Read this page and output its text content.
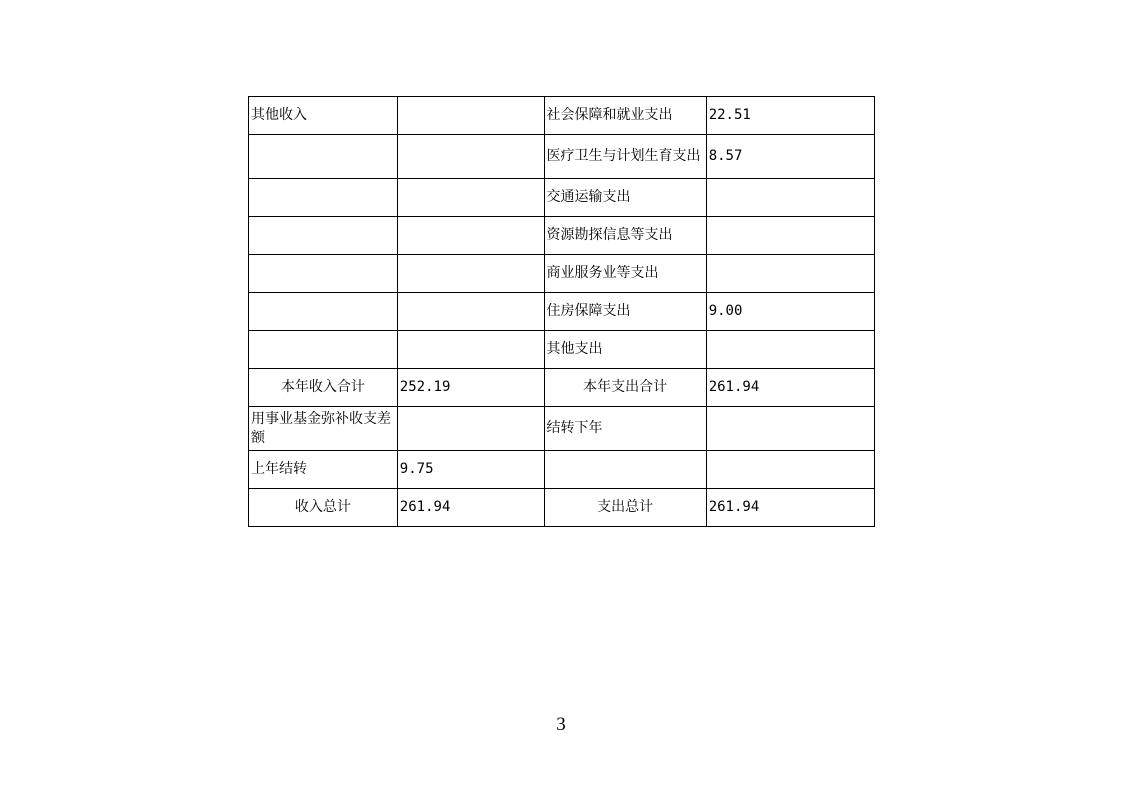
其他收入		社会保障和就业支出	22.51
		医疗卫生与计划生育支出	8.57
		交通运输支出	
		资源勘探信息等支出	
		商业服务业等支出	
		住房保障支出	9.00
		其他支出	
本年收入合计	252.19	本年支出合计	261.94
用事业基金弥补收支差额		结转下年	
上年结转	9.75		
收入总计	261.94	支出总计	261.94
3
